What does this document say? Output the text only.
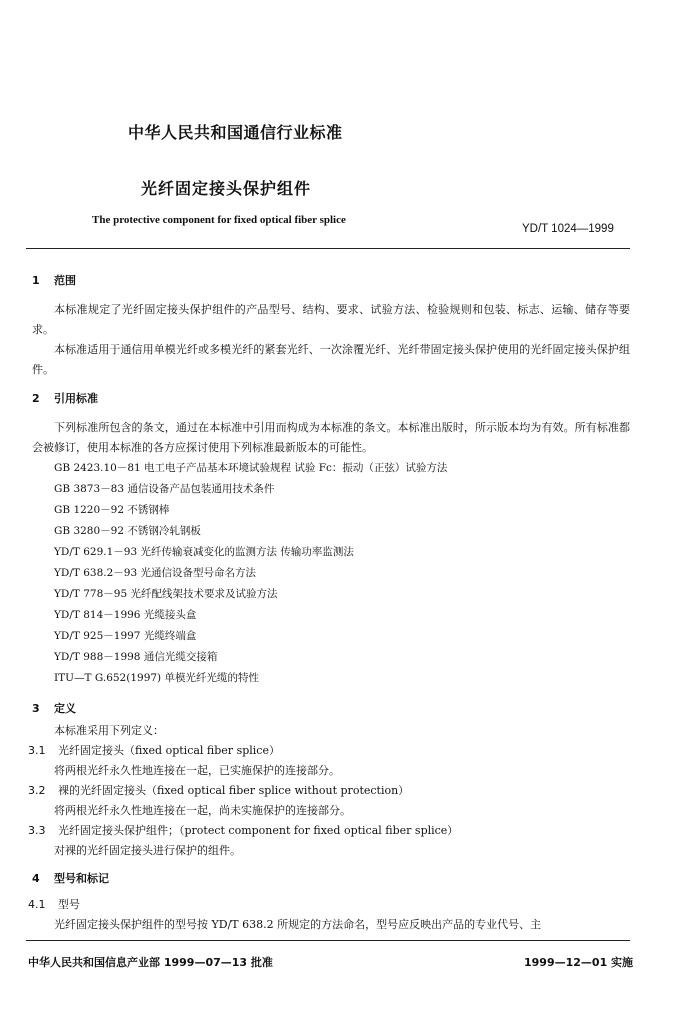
中华人民共和国通信行业标准
光纤固定接头保护组件
The protective component for fixed optical fiber splice
YD/T 1024—1999
1 范围
本标准规定了光纤固定接头保护组件的产品型号、结构、要求、试验方法、检验规则和包装、标志、运输、储存等要求。
本标准适用于通信用单模光纤或多模光纤的紧套光纤、一次涂覆光纤、光纤带固定接头保护使用的光纤固定接头保护组件。
2 引用标准
下列标准所包含的条文，通过在本标准中引用而构成为本标准的条文。本标准出版时，所示版本均为有效。所有标准都会被修订，使用本标准的各方应探讨使用下列标准最新版本的可能性。
GB 2423.10－81 电工电子产品基本环境试验规程 试验 Fc：振动（正弦）试验方法
GB 3873－83 通信设备产品包装通用技术条件
GB 1220－92 不锈钢棒
GB 3280－92 不锈钢冷轧钢板
YD/T 629.1－93 光纤传输衰减变化的监测方法 传输功率监测法
YD/T 638.2－93 光通信设备型号命名方法
YD/T 778－95 光纤配线架技术要求及试验方法
YD/T 814－1996 光缆接头盒
YD/T 925－1997 光缆终端盒
YD/T 988－1998 通信光缆交接箱
ITU—T G.652(1997) 单模光纤光缆的特性
3 定义
本标准采用下列定义：
3.1 光纤固定接头（fixed optical fiber splice）
将两根光纤永久性地连接在一起，已实施保护的连接部分。
3.2 裸的光纤固定接头（fixed optical fiber splice without protection）
将两根光纤永久性地连接在一起，尚未实施保护的连接部分。
3.3 光纤固定接头保护组件；（protect component for fixed optical fiber splice）
对裸的光纤固定接头进行保护的组件。
4 型号和标记
4.1 型号
光纤固定接头保护组件的型号按 YD/T 638.2 所规定的方法命名，型号应反映出产品的专业代号、主
中华人民共和国信息产业部 1999—07—13 批准	1999—12—01 实施
